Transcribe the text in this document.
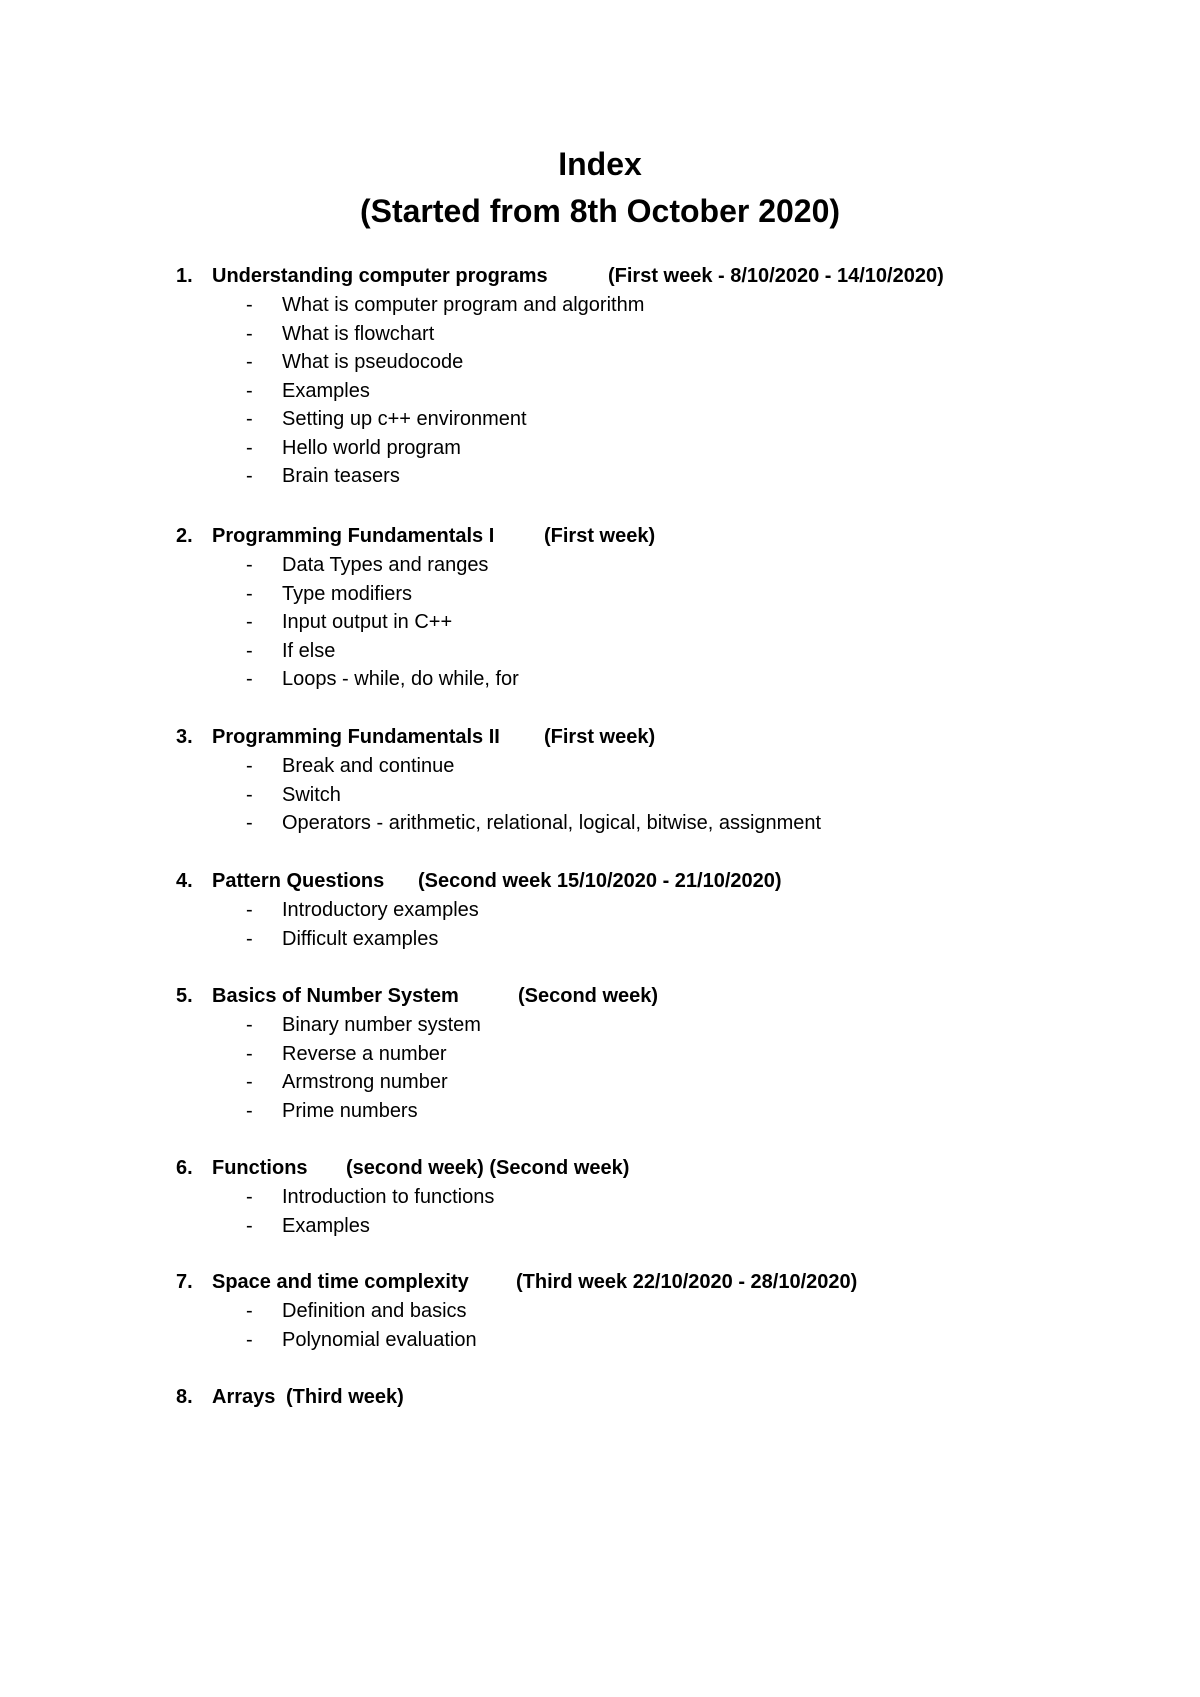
Index
(Started from 8th October 2020)
1. Understanding computer programs	(First week - 8/10/2020 - 14/10/2020)
- What is computer program and algorithm
- What is flowchart
- What is pseudocode
- Examples
- Setting up c++ environment
- Hello world program
- Brain teasers
2. Programming Fundamentals I (First week)
- Data Types and ranges
- Type modifiers
- Input output in C++
- If else
- Loops - while, do while, for
3. Programming Fundamentals II (First week)
- Break and continue
- Switch
- Operators - arithmetic, relational, logical, bitwise, assignment
4. Pattern Questions (Second week 15/10/2020 - 21/10/2020)
- Introductory examples
- Difficult examples
5. Basics of Number System	(Second week)
- Binary number system
- Reverse a number
- Armstrong number
- Prime numbers
6. Functions (second week) (Second week)
- Introduction to functions
- Examples
7. Space and time complexity (Third week 22/10/2020 - 28/10/2020)
- Definition and basics
- Polynomial evaluation
8. Arrays (Third week)
